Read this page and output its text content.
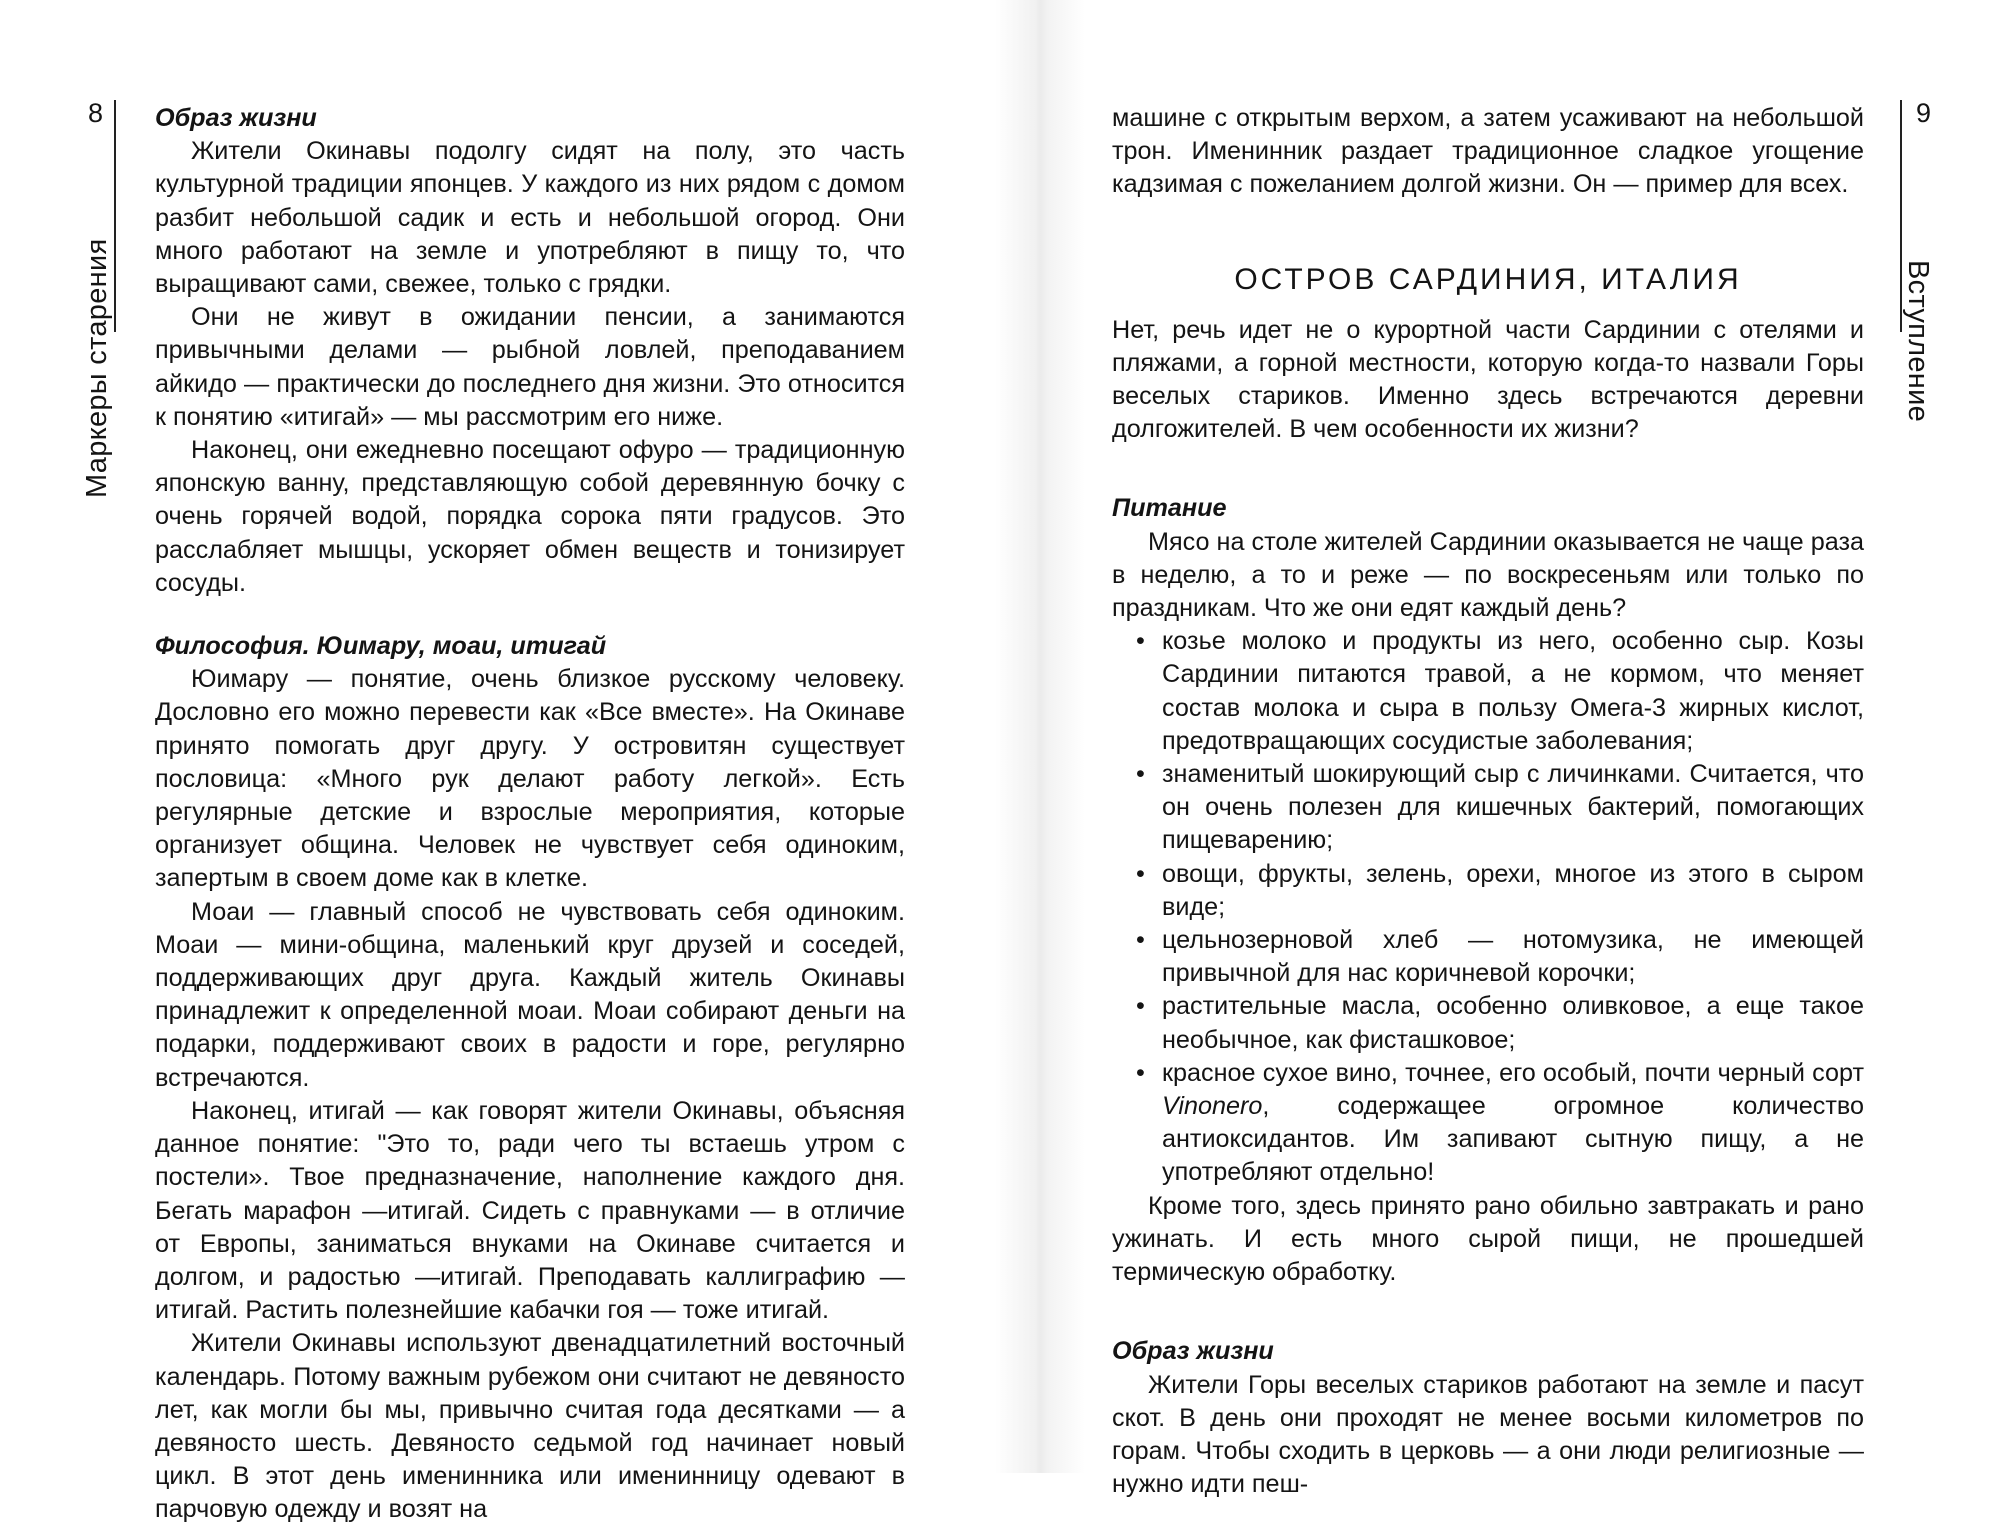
8
Маркеры старения
Образ жизни

Жители Окинавы подолгу сидят на полу, это часть культурной традиции японцев. У каждого из них рядом с домом разбит небольшой садик и есть и небольшой огород. Они много работают на земле и употребляют в пищу то, что выращивают сами, свежее, только с грядки.

Они не живут в ожидании пенсии, а занимаются привычными делами — рыбной ловлей, преподаванием айкидо — практически до последнего дня жизни. Это относится к понятию «итигай» — мы рассмотрим его ниже.

Наконец, они ежедневно посещают офуро — традиционную японскую ванну, представляющую собой деревянную бочку с очень горячей водой, порядка сорока пяти градусов. Это расслабляет мышцы, ускоряет обмен веществ и тонизирует сосуды.

Философия. Юимару, моаи, итигай

Юимару — понятие, очень близкое русскому человеку. Дословно его можно перевести как «Все вместе». На Окинаве принято помогать друг другу. У островитян существует пословица: «Много рук делают работу легкой». Есть регулярные детские и взрослые мероприятия, которые организует община. Человек не чувствует себя одиноким, запертым в своем доме как в клетке.

Моаи — главный способ не чувствовать себя одиноким. Моаи — мини-община, маленький круг друзей и соседей, поддерживающих друг друга. Каждый житель Окинавы принадлежит к определенной моаи. Моаи собирают деньги на подарки, поддерживают своих в радости и горе, регулярно встречаются.

Наконец, итигай — как говорят жители Окинавы, объясняя данное понятие: "Это то, ради чего ты встаешь утром с постели». Твое предназначение, наполнение каждого дня. Бегать марафон —итигай. Сидеть с правнуками — в отличие от Европы, заниматься внуками на Окинаве считается и долгом, и радостью —итигай. Преподавать каллиграфию — итигай. Растить полезнейшие кабачки гоя — тоже итигай.

Жители Окинавы используют двенадцатилетний восточный календарь. Потому важным рубежом они считают не девяносто лет, как могли бы мы, привычно считая года десятками — а девяносто шесть. Девяносто седьмой год начинает новый цикл. В этот день именинника или именинницу одевают в парчовую одежду и возят на

9
Вступление

машине с открытым верхом, а затем усаживают на небольшой трон. Именинник раздает традиционное сладкое угощение кадзимая с пожеланием долгой жизни. Он — пример для всех.

ОСТРОВ САРДИНИЯ, ИТАЛИЯ

Нет, речь идет не о курортной части Сардинии с отелями и пляжами, а горной местности, которую когда-то назвали Горы веселых стариков. Именно здесь встречаются деревни долгожителей. В чем особенности их жизни?

Питание

Мясо на столе жителей Сардинии оказывается не чаще раза в неделю, а то и реже — по воскресеньям или только по праздникам. Что же они едят каждый день?

• козье молоко и продукты из него, особенно сыр. Козы Сардинии питаются травой, а не кормом, что меняет состав молока и сыра в пользу Омега-3 жирных кислот, предотвращающих сосудистые заболевания;
• знаменитый шокирующий сыр с личинками. Считается, что он очень полезен для кишечных бактерий, помогающих пищеварению;
• овощи, фрукты, зелень, орехи, многое из этого в сыром виде;
• цельнозерновой хлеб — нотомузика, не имеющей привычной для нас коричневой корочки;
• растительные масла, особенно оливковое, а еще такое необычное, как фисташковое;
• красное сухое вино, точнее, его особый, почти черный сорт Vinonero, содержащее огромное количество антиоксидантов. Им запивают сытную пищу, а не употребляют отдельно!

Кроме того, здесь принято рано обильно завтракать и рано ужинать. И есть много сырой пищи, не прошедшей термическую обработку.

Образ жизни

Жители Горы веселых стариков работают на земле и пасут скот. В день они проходят не менее восьми километров по горам. Чтобы сходить в церковь — а они люди религиозные — нужно идти пеш-
